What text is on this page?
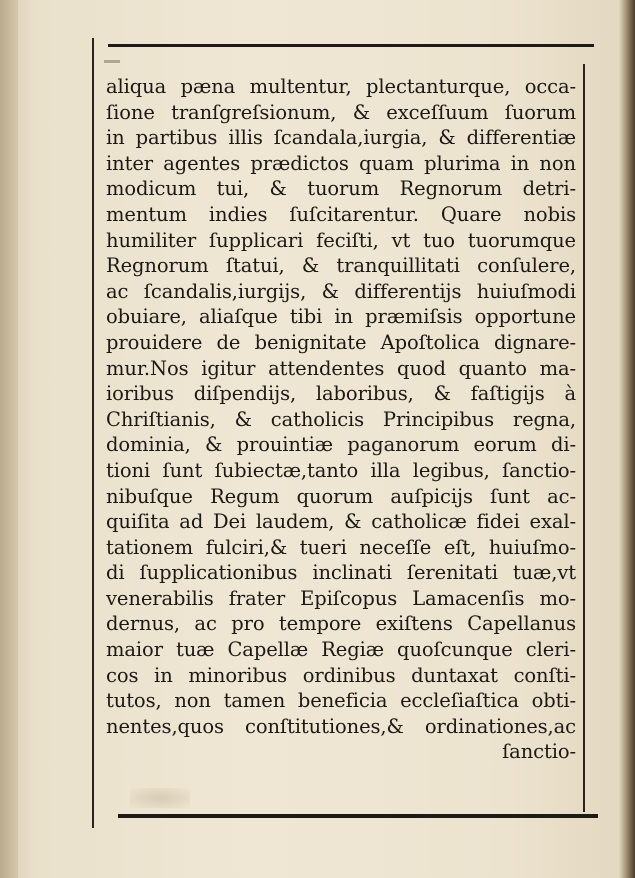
aliqua pæna multentur, plectanturque, occa-
ſione tranſgreſsionum, & exceſſuum ſuorum
in partibus illis ſcandala,iurgia, & differentiæ
inter agentes prædictos quam plurima in non
modicum tui, & tuorum Regnorum detri-
mentum indies ſuſcitarentur. Quare nobis
humiliter ſupplicari feciſti, vt tuo tuorumque
Regnorum ſtatui, & tranquillitati conſulere,
ac ſcandalis,iurgijs, & differentijs huiuſmodi
obuiare, aliaſque tibi in præmiſsis opportune
prouidere de benignitate Apoſtolica dignare-
mur.Nos igitur attendentes quod quanto ma-
ioribus diſpendijs, laboribus, & faſtigijs à
Chriſtianis, & catholicis Principibus regna,
dominia, & prouintiæ paganorum eorum di-
tioni ſunt ſubiectæ,tanto illa legibus, ſanctio-
nibuſque Regum quorum auſpicijs ſunt ac-
quiſita ad Dei laudem, & catholicæ fidei exal-
tationem fulciri,& tueri neceſſe eſt, huiuſmo-
di ſupplicationibus inclinati ſerenitati tuæ,vt
venerabilis frater Epiſcopus Lamacenſis mo-
dernus, ac pro tempore exiſtens Capellanus
maior tuæ Capellæ Regiæ quoſcunque cleri-
cos in minoribus ordinibus duntaxat conſti-
tutos, non tamen beneficia eccleſiaſtica obti-
nentes,quos conſtitutiones,& ordinationes,ac
ſanctio-
